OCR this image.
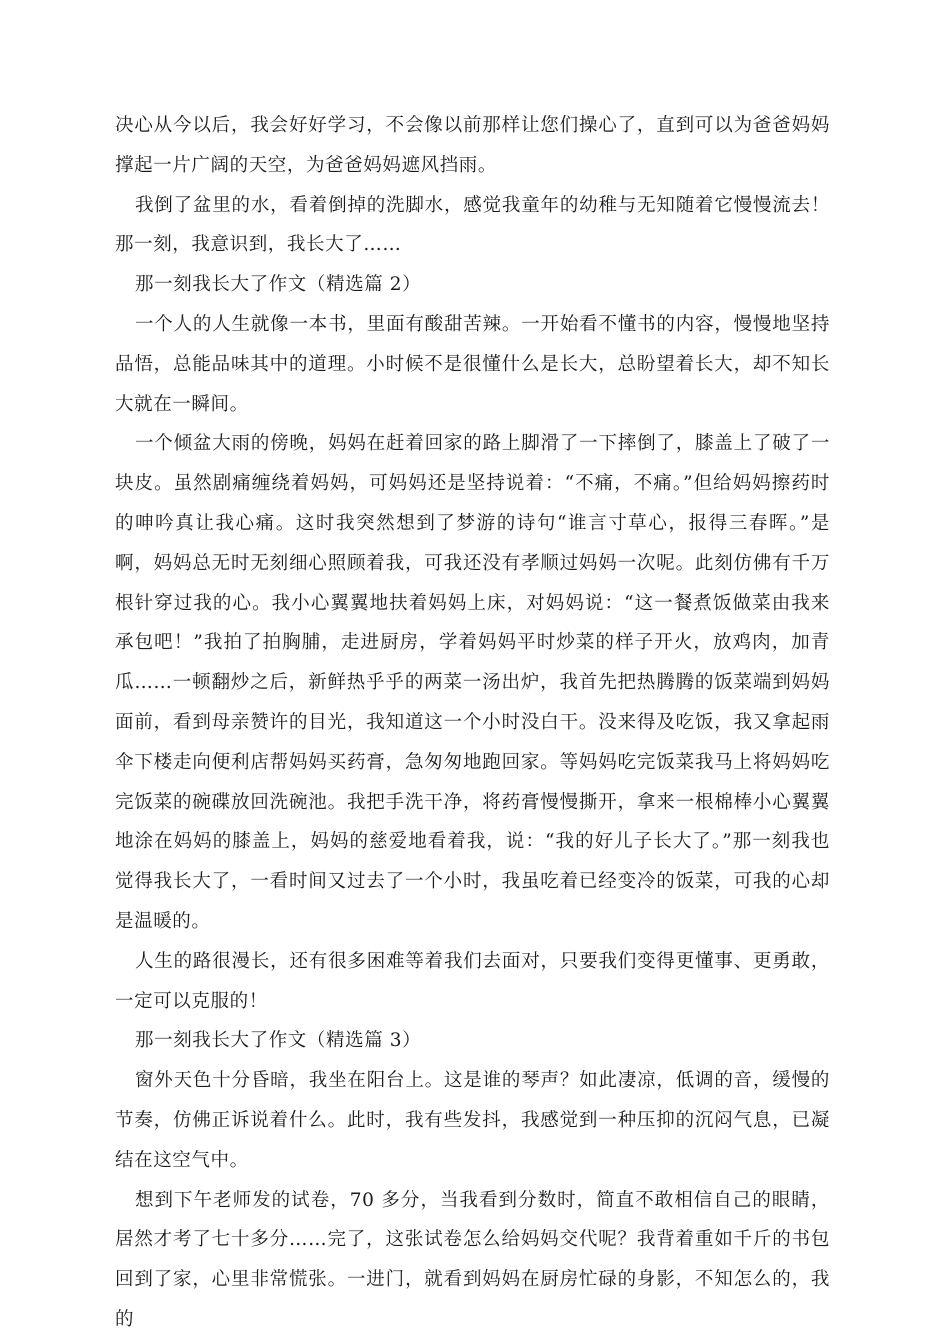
决心从今以后，我会好好学习，不会像以前那样让您们操心了，直到可以为爸爸妈妈撑起一片广阔的天空，为爸爸妈妈遮风挡雨。

我倒了盆里的水，看着倒掉的洗脚水，感觉我童年的幼稚与无知随着它慢慢流去！那一刻，我意识到，我长大了……

那一刻我长大了作文（精选篇 2）

一个人的人生就像一本书，里面有酸甜苦辣。一开始看不懂书的内容，慢慢地坚持品悟，总能品味其中的道理。小时候不是很懂什么是长大，总盼望着长大，却不知长大就在一瞬间。

一个倾盆大雨的傍晚，妈妈在赶着回家的路上脚滑了一下摔倒了，膝盖上了破了一块皮。虽然剧痛缠绕着妈妈，可妈妈还是坚持说着：“不痛，不痛。”但给妈妈擦药时的呻吟真让我心痛。这时我突然想到了梦游的诗句“谁言寸草心，报得三春晖。”是啊，妈妈总无时无刻细心照顾着我，可我还没有孝顺过妈妈一次呢。此刻仿佛有千万根针穿过我的心。我小心翼翼地扶着妈妈上床，对妈妈说：“这一餐煮饭做菜由我来承包吧！”我拍了拍胸脯，走进厨房，学着妈妈平时炒菜的样子开火，放鸡肉，加青瓜……一顿翻炒之后，新鲜热乎乎的两菜一汤出炉，我首先把热腾腾的饭菜端到妈妈面前，看到母亲赞许的目光，我知道这一个小时没白干。没来得及吃饭，我又拿起雨伞下楼走向便利店帮妈妈买药膏，急匆匆地跑回家。等妈妈吃完饭菜我马上将妈妈吃完饭菜的碗碟放回洗碗池。我把手洗干净，将药膏慢慢撕开，拿来一根棉棒小心翼翼地涂在妈妈的膝盖上，妈妈的慈爱地看着我，说：“我的好儿子长大了。”那一刻我也觉得我长大了，一看时间又过去了一个小时，我虽吃着已经变冷的饭菜，可我的心却是温暖的。

人生的路很漫长，还有很多困难等着我们去面对，只要我们变得更懂事、更勇敢，一定可以克服的！

那一刻我长大了作文（精选篇 3）

窗外天色十分昏暗，我坐在阳台上。这是谁的琴声？如此凄凉，低调的音，缓慢的节奏，仿佛正诉说着什么。此时，我有些发抖，我感觉到一种压抑的沉闷气息，已凝结在这空气中。

想到下午老师发的试卷，70 多分，当我看到分数时，简直不敢相信自己的眼睛，居然才考了七十多分……完了，这张试卷怎么给妈妈交代呢？我背着重如千斤的书包回到了家，心里非常慌张。一进门，就看到妈妈在厨房忙碌的身影，不知怎么的，我的
